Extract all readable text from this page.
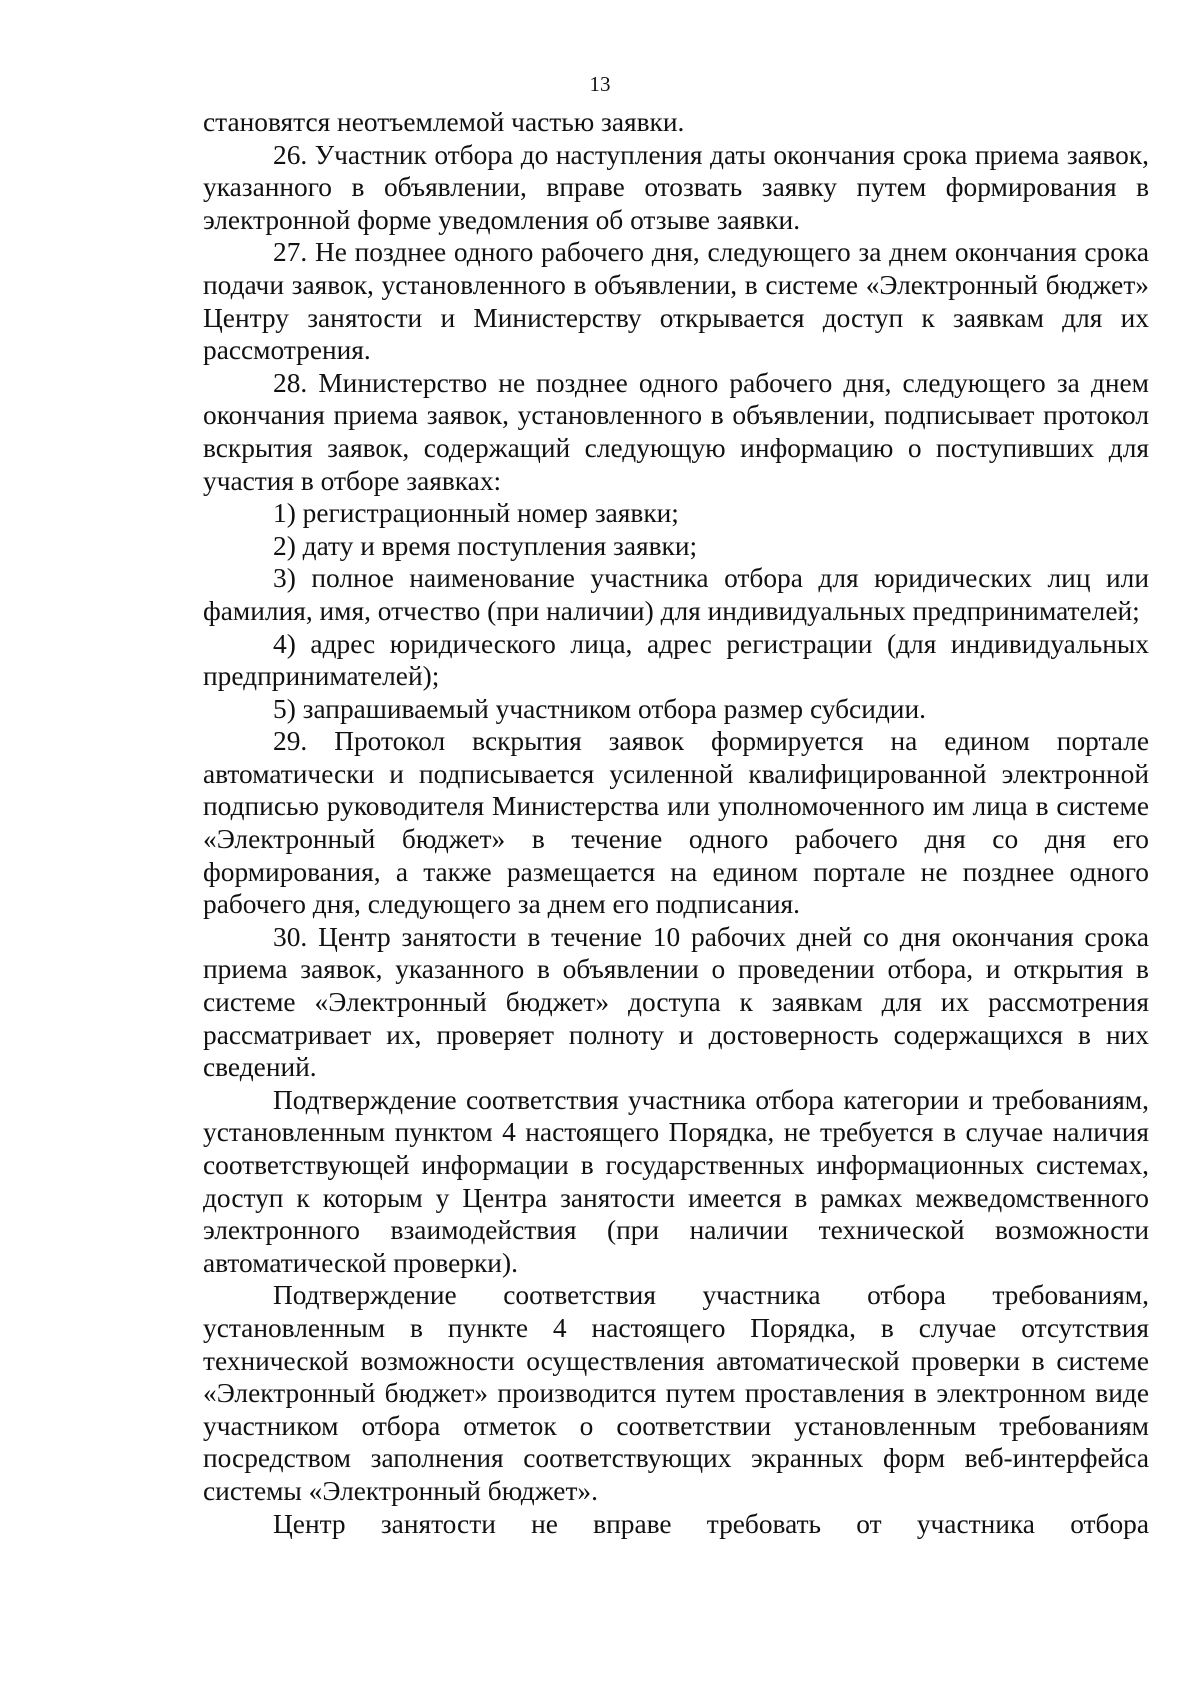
13

становятся неотъемлемой частью заявки.

26. Участник отбора до наступления даты окончания срока приема заявок, указанного в объявлении, вправе отозвать заявку путем формирования в электронной форме уведомления об отзыве заявки.

27. Не позднее одного рабочего дня, следующего за днем окончания срока подачи заявок, установленного в объявлении, в системе «Электронный бюджет» Центру занятости и Министерству открывается доступ к заявкам для их рассмотрения.

28. Министерство не позднее одного рабочего дня, следующего за днем окончания приема заявок, установленного в объявлении, подписывает протокол вскрытия заявок, содержащий следующую информацию о поступивших для участия в отборе заявках:

1) регистрационный номер заявки;

2) дату и время поступления заявки;

3) полное наименование участника отбора для юридических лиц или фамилия, имя, отчество (при наличии) для индивидуальных предпринимателей;

4) адрес юридического лица, адрес регистрации (для индивидуальных предпринимателей);

5) запрашиваемый участником отбора размер субсидии.

29. Протокол вскрытия заявок формируется на едином портале автоматически и подписывается усиленной квалифицированной электронной подписью руководителя Министерства или уполномоченного им лица в системе «Электронный бюджет» в течение одного рабочего дня со дня его формирования, а также размещается на едином портале не позднее одного рабочего дня, следующего за днем его подписания.

30. Центр занятости в течение 10 рабочих дней со дня окончания срока приема заявок, указанного в объявлении о проведении отбора, и открытия в системе «Электронный бюджет» доступа к заявкам для их рассмотрения рассматривает их, проверяет полноту и достоверность содержащихся в них сведений.

Подтверждение соответствия участника отбора категории и требованиям, установленным пунктом 4 настоящего Порядка, не требуется в случае наличия соответствующей информации в государственных информационных системах, доступ к которым у Центра занятости имеется в рамках межведомственного электронного взаимодействия (при наличии технической возможности автоматической проверки).

Подтверждение соответствия участника отбора требованиям, установленным в пункте 4 настоящего Порядка, в случае отсутствия технической возможности осуществления автоматической проверки в системе «Электронный бюджет» производится путем проставления в электронном виде участником отбора отметок о соответствии установленным требованиям посредством заполнения соответствующих экранных форм веб-интерфейса системы «Электронный бюджет».

Центр занятости не вправе требовать от участника отбора
